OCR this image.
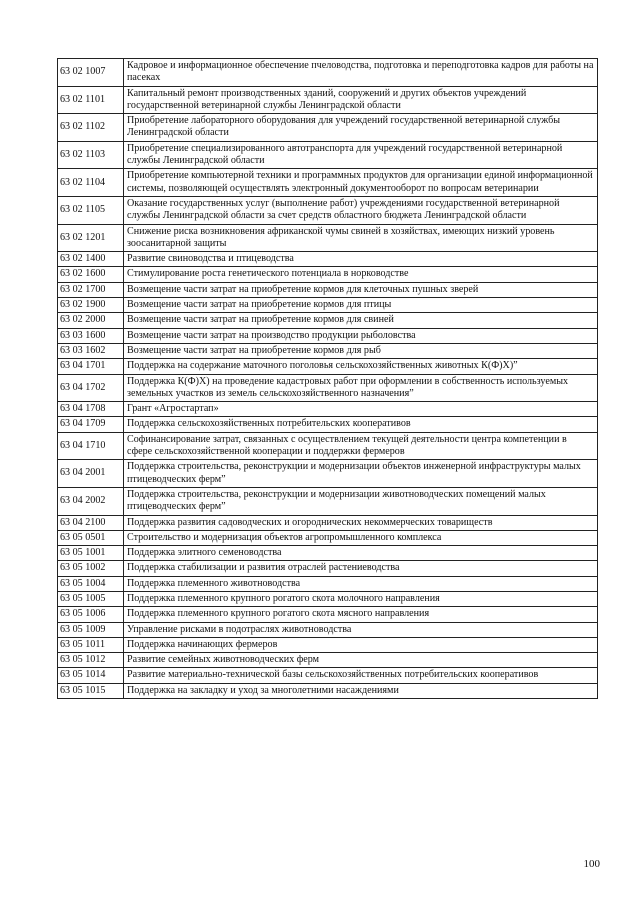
63 02 1007	Кадровое и информационное обеспечение пчеловодства, подготовка и переподготовка кадров для работы на пасеках
63 02 1101	Капитальный ремонт производственных зданий, сооружений и других объектов учреждений государственной ветеринарной службы Ленинградской области
63 02 1102	Приобретение лабораторного оборудования для учреждений государственной ветеринарной службы Ленинградской области
63 02 1103	Приобретение специализированного автотранспорта для учреждений государственной ветеринарной службы Ленинградской области
63 02 1104	Приобретение компьютерной техники и программных продуктов для организации единой информационной системы, позволяющей осуществлять электронный документооборот по вопросам ветеринарии
63 02 1105	Оказание государственных услуг (выполнение работ) учреждениями государственной ветеринарной службы Ленинградской области за счет средств областного бюджета Ленинградской области
63 02 1201	Снижение риска возникновения африканской чумы свиней в хозяйствах, имеющих низкий уровень зоосанитарной защиты
63 02 1400	Развитие свиноводства и птицеводства
63 02 1600	Стимулирование роста генетического потенциала в норководстве
63 02 1700	Возмещение части затрат на приобретение кормов для клеточных пушных зверей
63 02 1900	Возмещение части затрат на приобретение кормов для птицы
63 02 2000	Возмещение части затрат на приобретение кормов для свиней
63 03 1600	Возмещение части затрат на производство продукции рыболовства
63 03 1602	Возмещение части затрат на приобретение кормов для рыб
63 04 1701	Поддержка на содержание маточного поголовья сельскохозяйственных животных К(Ф)Х)”
63 04 1702	Поддержка К(Ф)Х) на проведение кадастровых работ при оформлении в собственность используемых земельных участков из земель сельскохозяйственного назначения”
63 04 1708	Грант «Агростартап»
63 04 1709	Поддержка сельскохозяйственных потребительских кооперативов
63 04 1710	Софинансирование затрат, связанных с осуществлением текущей деятельности центра компетенции в сфере сельскохозяйственной кооперации и поддержки фермеров
63 04 2001	Поддержка строительства, реконструкции и модернизации объектов инженерной инфраструктуры малых птицеводческих ферм”
63 04 2002	Поддержка строительства, реконструкции и модернизации животноводческих помещений малых птицеводческих ферм”
63 04 2100	Поддержка развития садоводческих и огороднических некоммерческих товариществ
63 05 0501	Строительство и модернизация объектов агропромышленного комплекса
63 05 1001	Поддержка элитного семеноводства
63 05 1002	Поддержка стабилизации и развития отраслей растениеводства
63 05 1004	Поддержка племенного животноводства
63 05 1005	Поддержка племенного крупного рогатого скота молочного направления
63 05 1006	Поддержка племенного крупного рогатого скота мясного направления
63 05 1009	Управление рисками в подотраслях животноводства
63 05 1011	Поддержка начинающих фермеров
63 05 1012	Развитие семейных животноводческих ферм
63 05 1014	Развитие материально-технической базы сельскохозяйственных потребительских кооперативов
63 05 1015	Поддержка на закладку и уход за многолетними насаждениями
100
